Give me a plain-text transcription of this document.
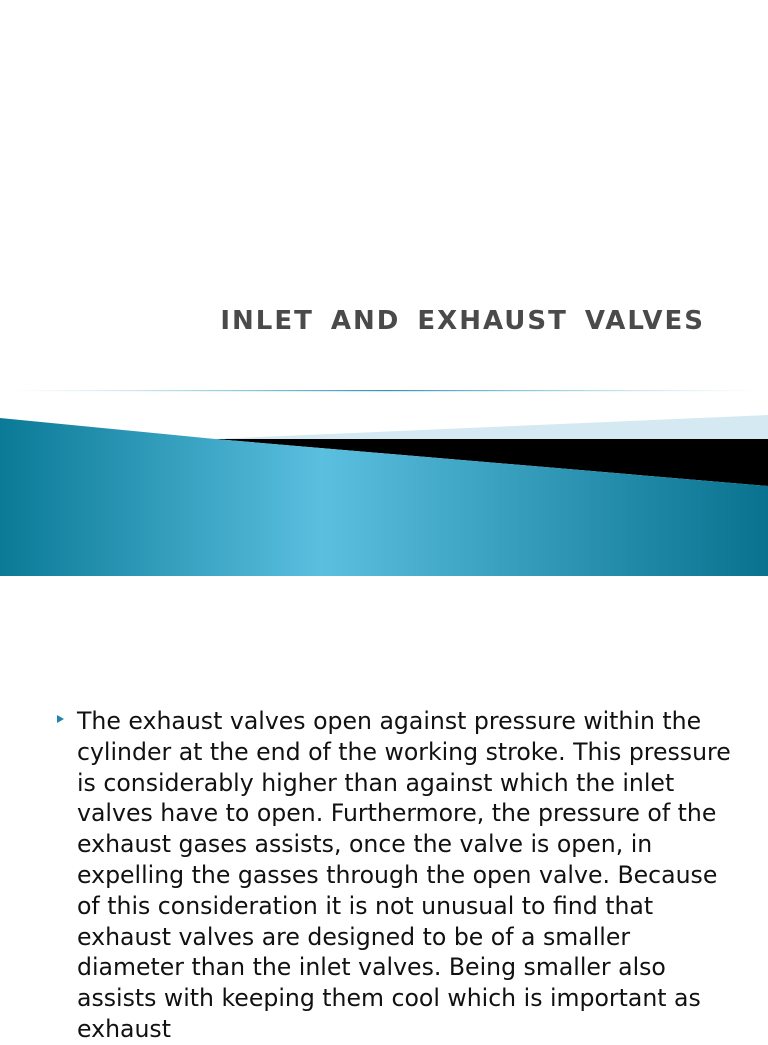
INLET AND EXHAUST VALVES

The exhaust valves open against pressure within the cylinder at the end of the working stroke. This pressure is considerably higher than against which the inlet valves have to open. Furthermore, the pressure of the exhaust gases assists, once the valve is open, in expelling the gasses through the open valve. Because of this consideration it is not unusual to find that exhaust valves are designed to be of a smaller diameter than the inlet valves. Being smaller also assists with keeping them cool which is important as exhaust
